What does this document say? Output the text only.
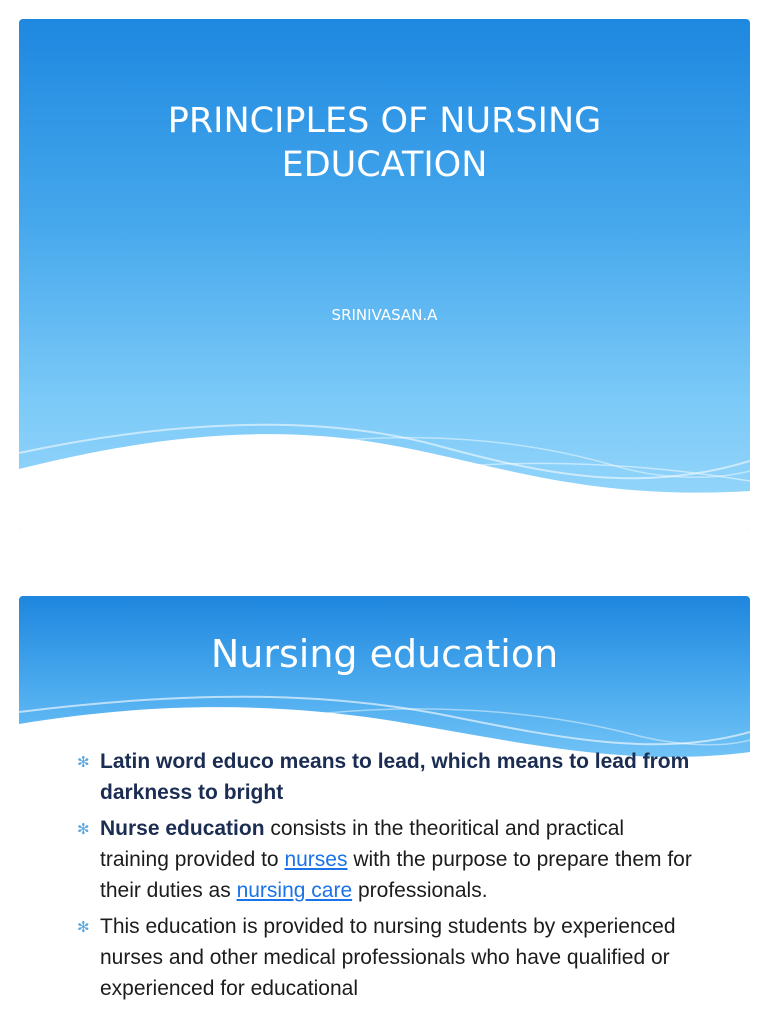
PRINCIPLES OF NURSING
EDUCATION
SRINIVASAN.A
Nursing education
✻ Latin word educo means to lead, which means to lead from darkness to bright
✻ Nurse education consists in the theoritical and practical training provided to nurses with the purpose to prepare them for their duties as nursing care professionals.
✻ This education is provided to nursing students by experienced nurses and other medical professionals who have qualified or experienced for educational
